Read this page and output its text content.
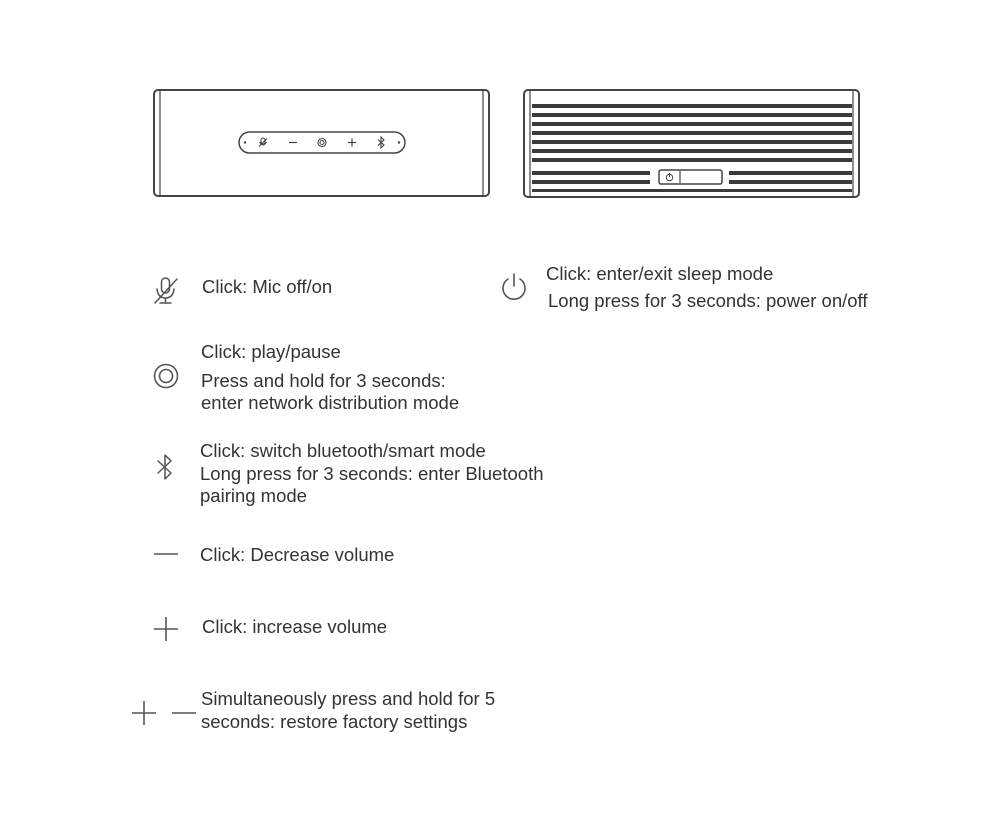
Click: Mic off/on
Click: enter/exit sleep mode
Long press for 3 seconds: power on/off
Click: play/pause
Press and hold for 3 seconds:
enter network distribution mode
Click: switch bluetooth/smart mode
Long press for 3 seconds: enter Bluetooth
pairing mode
Click: Decrease volume
Click: increase volume
Simultaneously press and hold for 5
seconds: restore factory settings
